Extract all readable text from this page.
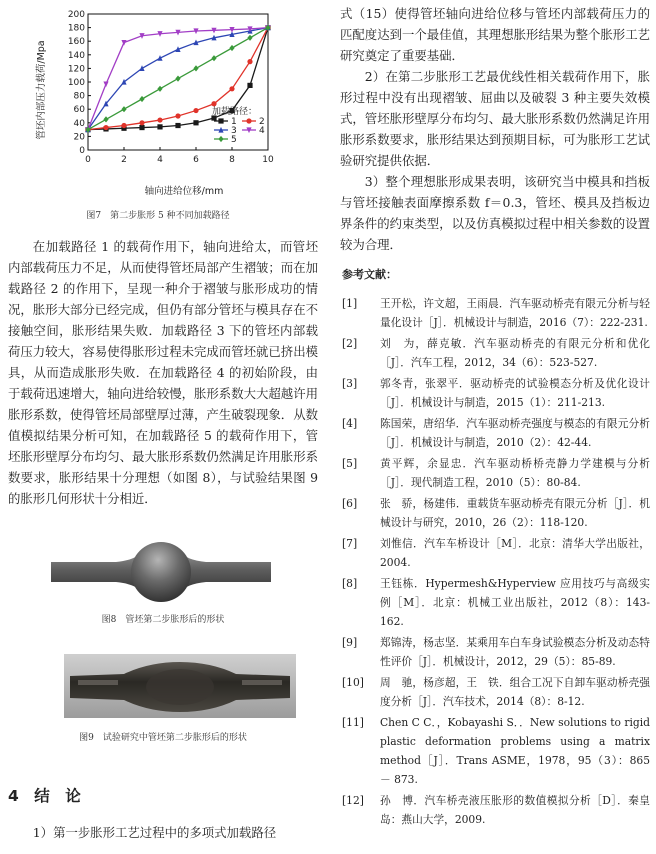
0	2	4	6	8	10
0
20
40
60
80
100
120
140
160
180
200
加载路径：
1 2
3 4
5
轴向进给位移/mm
管坯内部压力载荷/Mpa
图7　第二步胀形 5 种不同加载路径

在加载路径 1 的载荷作用下，轴向进给太，而管坯内部载荷压力不足，从而使得管坯局部产生褶皱；而在加载路径 2 的作用下，呈现一种介于褶皱与胀形成功的情况，胀形大部分已经完成，但仍有部分管坯与模具存在不接触空间，胀形结果失败．加载路径 3 下的管坯内部载荷压力较大，容易使得胀形过程未完成而管坯就已挤出模具，从而造成胀形失败．在加载路径 4 的初始阶段，由于载荷迅速增大，轴向进给较慢，胀形系数大大超越许用胀形系数，使得管坯局部壁厚过薄，产生破裂现象．从数值模拟结果分析可知，在加载路径 5 的载荷作用下，管坯胀形壁厚分布均匀、最大胀形系数仍然满足许用胀形系数要求，胀形结果十分理想（如图 8），与试验结果图 9 的胀形几何形状十分相近．

图8　管坯第二步胀形后的形状
图9　试验研究中管坯第二步胀形后的形状
4　结　论

1）第一步胀形工艺过程中的多项式加载路径

式（15）使得管坯轴向进给位移与管坯内部载荷压力的匹配度达到一个最佳值，其理想胀形结果为整个胀形工艺研究奠定了重要基础．

2）在第二步胀形工艺最优线性相关载荷作用下，胀形过程中没有出现褶皱、屈曲以及破裂 3 种主要失效模式，管坯胀形壁厚分布均匀、最大胀形系数仍然满足许用胀形系数要求，胀形结果达到预期目标，可为胀形工艺试验研究提供依据．

3）整个理想胀形成果表明，该研究当中模具和挡板与管坯接触表面摩擦系数 f＝0.3，管坯、模具及挡板边界条件的约束类型，以及仿真模拟过程中相关参数的设置较为合理．

参考文献：
[1] 王开松，许文超，王雨晨．汽车驱动桥壳有限元分析与轻量化设计［J］．机械设计与制造，2016（7）：222-231.
[2] 刘　为，薛克敏．汽车驱动桥壳的有限元分析和优化［J］．汽车工程，2012，34（6）：523-527.
[3] 郭冬青，张翠平．驱动桥壳的试验模态分析及优化设计［J］．机械设计与制造，2015（1）：211-213.
[4] 陈国荣，唐绍华．汽车驱动桥壳强度与模态的有限元分析［J］．机械设计与制造，2010（2）：42-44.
[5] 黄平辉，余显忠．汽车驱动桥桥壳静力学建模与分析［J］．现代制造工程，2010（5）：80-84.
[6] 张　骄，杨建伟．重载货车驱动桥壳有限元分析［J］．机械设计与研究，2010，26（2）：118-120.
[7] 刘惟信．汽车车桥设计［M］．北京：清华大学出版社，2004.
[8] 王钰栋．Hypermesh&Hyperview 应用技巧与高级实例［M］．北京：机械工业出版社，2012（8）：143-162.
[9] 郑锦涛，杨志坚．某乘用车白车身试验模态分析及动态特性评价［J］．机械设计，2012，29（5）：85-89.
[10] 周　驰，杨彦超，王　铁．组合工况下自卸车驱动桥壳强度分析［J］．汽车技术，2014（8）：8-12.
[11] Chen C C．，Kobayashi S．．New solutions to rigid plastic deformation problems using a matrix method［J］．Trans ASME，1978，95（3）：865 － 873.
[12] 孙　博．汽车桥壳液压胀形的数值模拟分析［D］．秦皇岛：燕山大学，2009.
